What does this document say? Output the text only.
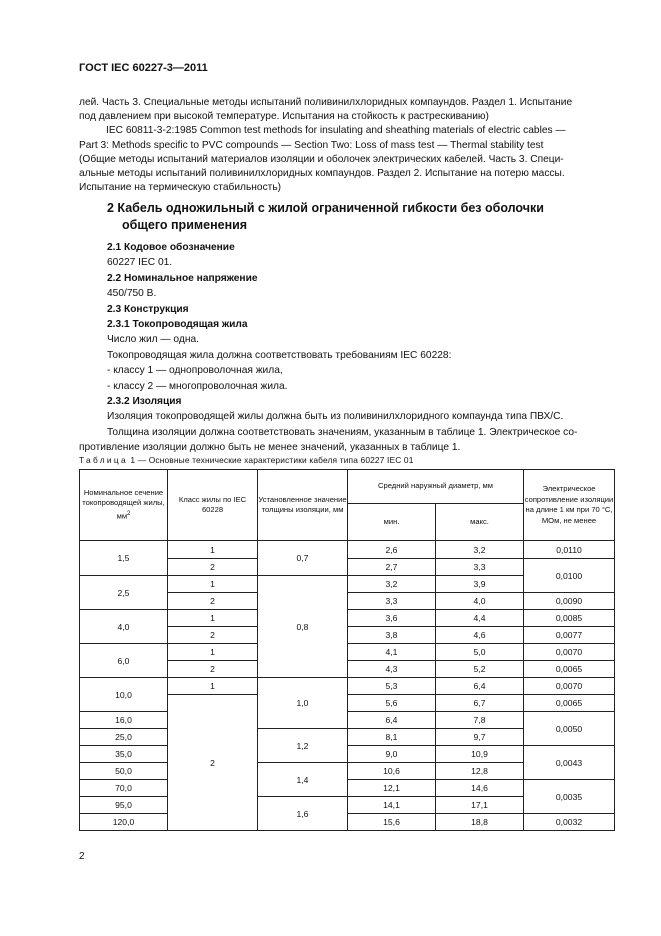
ГОСТ IEC 60227-3—2011
лей. Часть 3. Специальные методы испытаний поливинилхлоридных компаундов. Раздел 1. Испытание
под давлением при высокой температуре. Испытания на стойкость к растрескиванию)
IEC 60811-3-2:1985 Common test methods for insulating and sheathing materials of electric cables —
Part 3: Methods specific to PVC compounds — Section Two: Loss of mass test — Thermal stability test
(Общие методы испытаний материалов изоляции и оболочек электрических кабелей. Часть 3. Специ-
альные методы испытаний поливинилхлоридных компаундов. Раздел 2. Испытание на потерю массы.
Испытание на термическую стабильность)
2 Кабель одножильный с жилой ограниченной гибкости без оболочки
общего применения
2.1 Кодовое обозначение
60227 IEC 01.
2.2 Номинальное напряжение
450/750 В.
2.3 Конструкция
2.3.1 Токопроводящая жила
Число жил — одна.
Токопроводящая жила должна соответствовать требованиям IEC 60228:
- классу 1 — однопроволочная жила,
- классу 2 — многопроволочная жила.
2.3.2 Изоляция
Изоляция токопроводящей жилы должна быть из поливинилхлоридного компаунда типа ПВХ/С.
Толщина изоляции должна соответствовать значениям, указанным в таблице 1. Электрическое со-
противление изоляции должно быть не менее значений, указанных в таблице 1.
Таблица 1 — Основные технические характеристики кабеля типа 60227 IEC 01
Номинальное сечение токопроводящей жилы, $мм^2$	Класс жилы по IEC 60228	Установленное значение толщины изоляции, мм	Средний наружный диаметр, мм		Электрическое сопротивление изоляции на длине 1 км при 70 °С, МОм, не менее
			мин.	макс.	
1,5	1	0,7	2,6	3,2	0,0110
	2		2,7	3,3	0,0100
2,5	1	0,8	3,2	3,9	
	2		3,3	4,0	0,0090
4,0	1		3,6	4,4	0,0085
	2		3,8	4,6	0,0077
6,0	1		4,1	5,0	0,0070
	2		4,3	5,2	0,0065
10,0	1	1,0	5,3	6,4	0,0070
	2		5,6	6,7	0,0065
16,0			6,4	7,8	0,0050
25,0		1,2	8,1	9,7	
35,0			9,0	10,9	0,0043
50,0		1,4	10,6	12,8	
70,0			12,1	14,6	0,0035
95,0		1,6	14,1	17,1	
120,0			15,6	18,8	0,0032
2
